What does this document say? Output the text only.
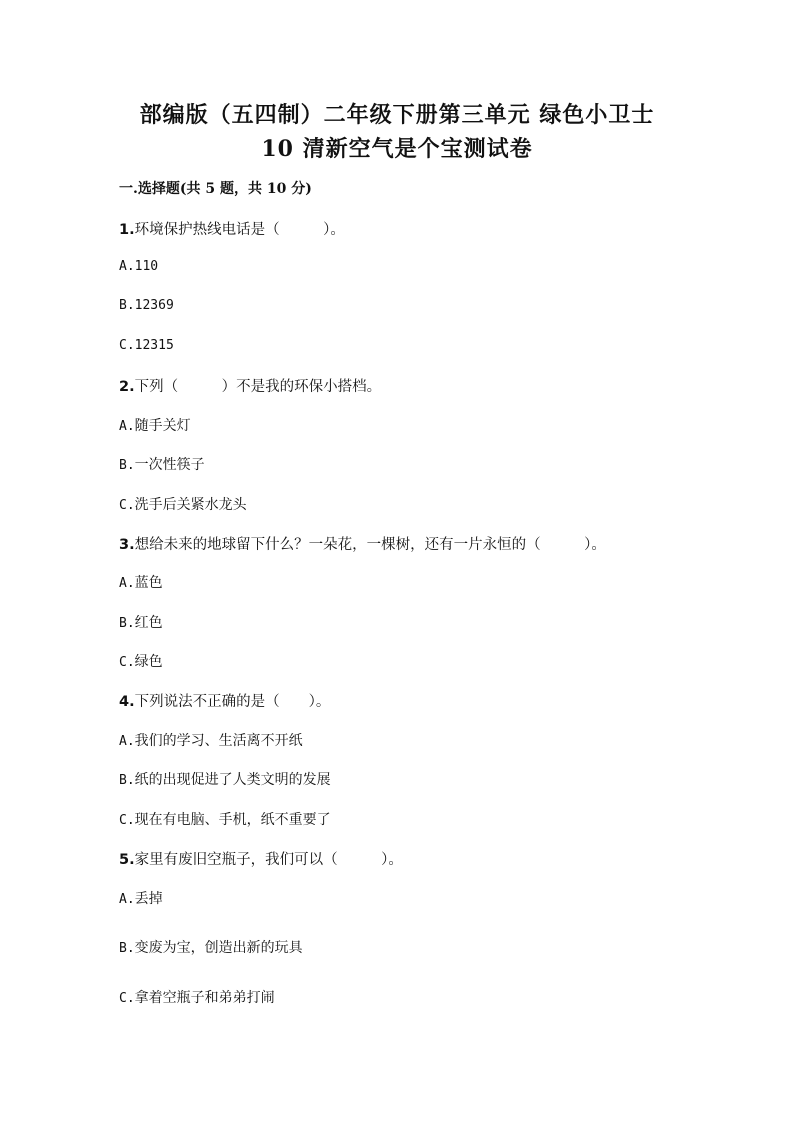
部编版（五四制）二年级下册第三单元 绿色小卫士
10 清新空气是个宝测试卷
一.选择题(共 5 题，共 10 分)
1.环境保护热线电话是（　　　）。
A.110
B.12369
C.12315
2.下列（　　　）不是我的环保小搭档。
A.随手关灯
B.一次性筷子
C.洗手后关紧水龙头
3.想给未来的地球留下什么？一朵花，一棵树，还有一片永恒的（　　　）。
A.蓝色
B.红色
C.绿色
4.下列说法不正确的是（　　）。
A.我们的学习、生活离不开纸
B.纸的出现促进了人类文明的发展
C.现在有电脑、手机，纸不重要了
5.家里有废旧空瓶子，我们可以（　　　）。
A.丢掉
B.变废为宝，创造出新的玩具
C.拿着空瓶子和弟弟打闹
